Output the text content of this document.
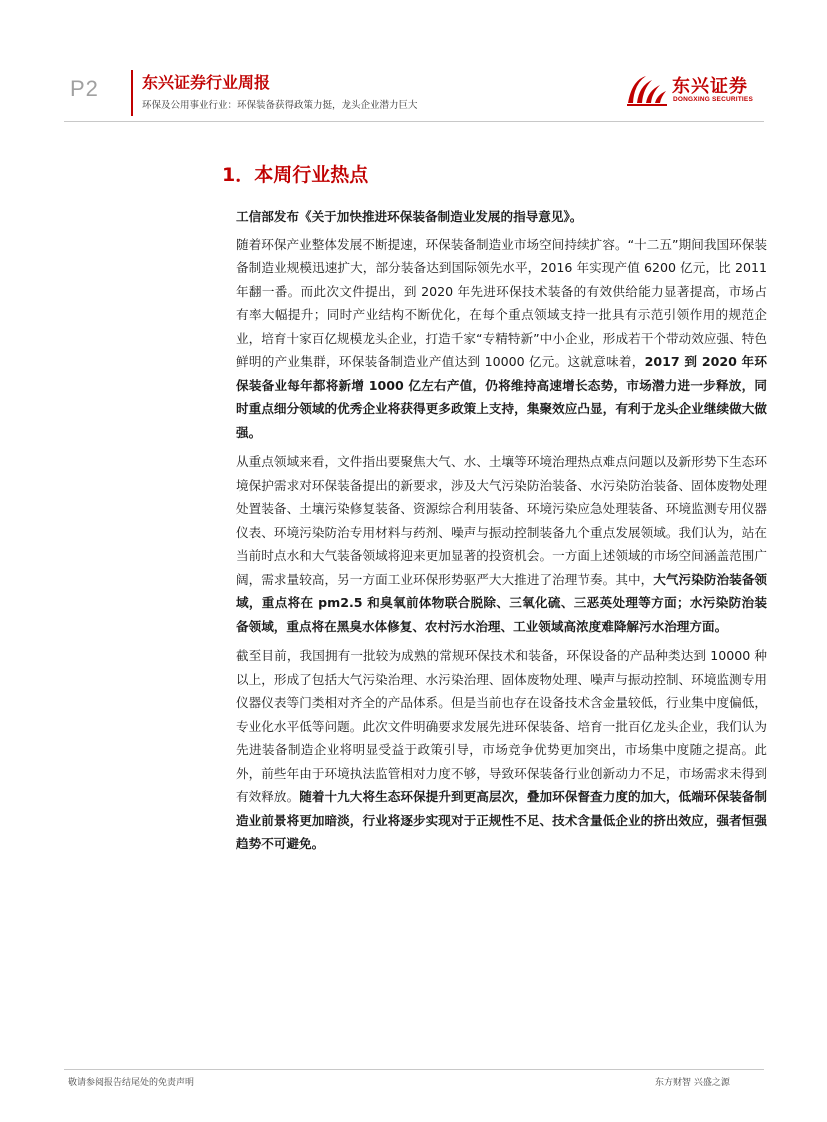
P2	东兴证券行业周报
环保及公用事业行业：环保装备获得政策力挺，龙头企业潜力巨大
东兴证券
DONGXING SECURITIES
1．本周行业热点

工信部发布《关于加快推进环保装备制造业发展的指导意见》。

随着环保产业整体发展不断提速，环保装备制造业市场空间持续扩容。“十二五”期间我国环保装备制造业规模迅速扩大，部分装备达到国际领先水平，2016 年实现产值 6200 亿元，比 2011 年翻一番。而此次文件提出，到 2020 年先进环保技术装备的有效供给能力显著提高，市场占有率大幅提升；同时产业结构不断优化，在每个重点领域支持一批具有示范引领作用的规范企业，培育十家百亿规模龙头企业，打造千家“专精特新”中小企业，形成若干个带动效应强、特色鲜明的产业集群，环保装备制造业产值达到 10000 亿元。这就意味着，2017 到 2020 年环保装备业每年都将新增 1000 亿左右产值，仍将维持高速增长态势，市场潜力进一步释放，同时重点细分领域的优秀企业将获得更多政策上支持，集聚效应凸显，有利于龙头企业继续做大做强。

从重点领域来看，文件指出要聚焦大气、水、土壤等环境治理热点难点问题以及新形势下生态环境保护需求对环保装备提出的新要求，涉及大气污染防治装备、水污染防治装备、固体废物处理处置装备、土壤污染修复装备、资源综合利用装备、环境污染应急处理装备、环境监测专用仪器仪表、环境污染防治专用材料与药剂、噪声与振动控制装备九个重点发展领域。我们认为，站在当前时点水和大气装备领域将迎来更加显著的投资机会。一方面上述领域的市场空间涵盖范围广阔，需求量较高，另一方面工业环保形势驱严大大推进了治理节奏。其中，大气污染防治装备领域，重点将在 pm2.5 和臭氧前体物联合脱除、三氧化硫、三恶英处理等方面；水污染防治装备领域，重点将在黑臭水体修复、农村污水治理、工业领域高浓度难降解污水治理方面。

截至目前，我国拥有一批较为成熟的常规环保技术和装备，环保设备的产品种类达到 10000 种以上，形成了包括大气污染治理、水污染治理、固体废物处理、噪声与振动控制、环境监测专用仪器仪表等门类相对齐全的产品体系。但是当前也存在设备技术含金量较低，行业集中度偏低，专业化水平低等问题。此次文件明确要求发展先进环保装备、培育一批百亿龙头企业，我们认为先进装备制造企业将明显受益于政策引导，市场竞争优势更加突出，市场集中度随之提高。此外，前些年由于环境执法监管相对力度不够，导致环保装备行业创新动力不足，市场需求未得到有效释放。随着十九大将生态环保提升到更高层次，叠加环保督查力度的加大，低端环保装备制造业前景将更加暗淡，行业将逐步实现对于正规性不足、技术含量低企业的挤出效应，强者恒强趋势不可避免。

敬请参阅报告结尾处的免责声明	东方财智 兴盛之源
